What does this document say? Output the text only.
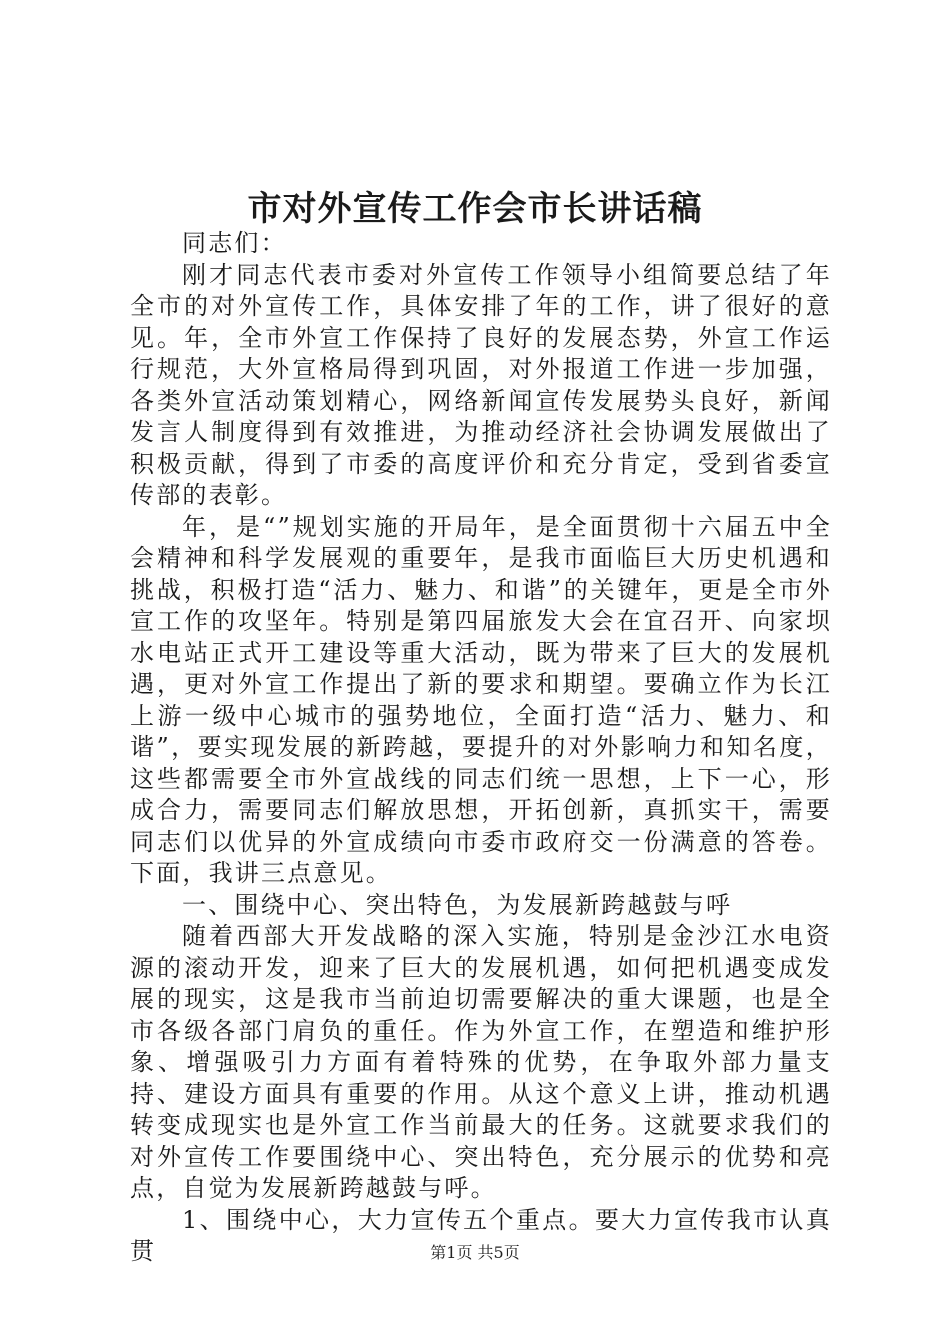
市对外宣传工作会市长讲话稿

同志们：

刚才同志代表市委对外宣传工作领导小组简要总结了年全市的对外宣传工作，具体安排了年的工作，讲了很好的意见。年，全市外宣工作保持了良好的发展态势，外宣工作运行规范，大外宣格局得到巩固，对外报道工作进一步加强，各类外宣活动策划精心，网络新闻宣传发展势头良好，新闻发言人制度得到有效推进，为推动经济社会协调发展做出了积极贡献，得到了市委的高度评价和充分肯定，受到省委宣传部的表彰。

年，是“”规划实施的开局年，是全面贯彻十六届五中全会精神和科学发展观的重要年，是我市面临巨大历史机遇和挑战，积极打造“活力、魅力、和谐”的关键年，更是全市外宣工作的攻坚年。特别是第四届旅发大会在宜召开、向家坝水电站正式开工建设等重大活动，既为带来了巨大的发展机遇，更对外宣工作提出了新的要求和期望。要确立作为长江上游一级中心城市的强势地位，全面打造“活力、魅力、和谐”，要实现发展的新跨越，要提升的对外影响力和知名度，这些都需要全市外宣战线的同志们统一思想，上下一心，形成合力，需要同志们解放思想，开拓创新，真抓实干，需要同志们以优异的外宣成绩向市委市政府交一份满意的答卷。下面，我讲三点意见。

一、围绕中心、突出特色，为发展新跨越鼓与呼

随着西部大开发战略的深入实施，特别是金沙江水电资源的滚动开发，迎来了巨大的发展机遇，如何把机遇变成发展的现实，这是我市当前迫切需要解决的重大课题，也是全市各级各部门肩负的重任。作为外宣工作，在塑造和维护形象、增强吸引力方面有着特殊的优势，在争取外部力量支持、建设方面具有重要的作用。从这个意义上讲，推动机遇转变成现实也是外宣工作当前最大的任务。这就要求我们的对外宣传工作要围绕中心、突出特色，充分展示的优势和亮点，自觉为发展新跨越鼓与呼。

1、围绕中心，大力宣传五个重点。要大力宣传我市认真贯	第1页 共5页
